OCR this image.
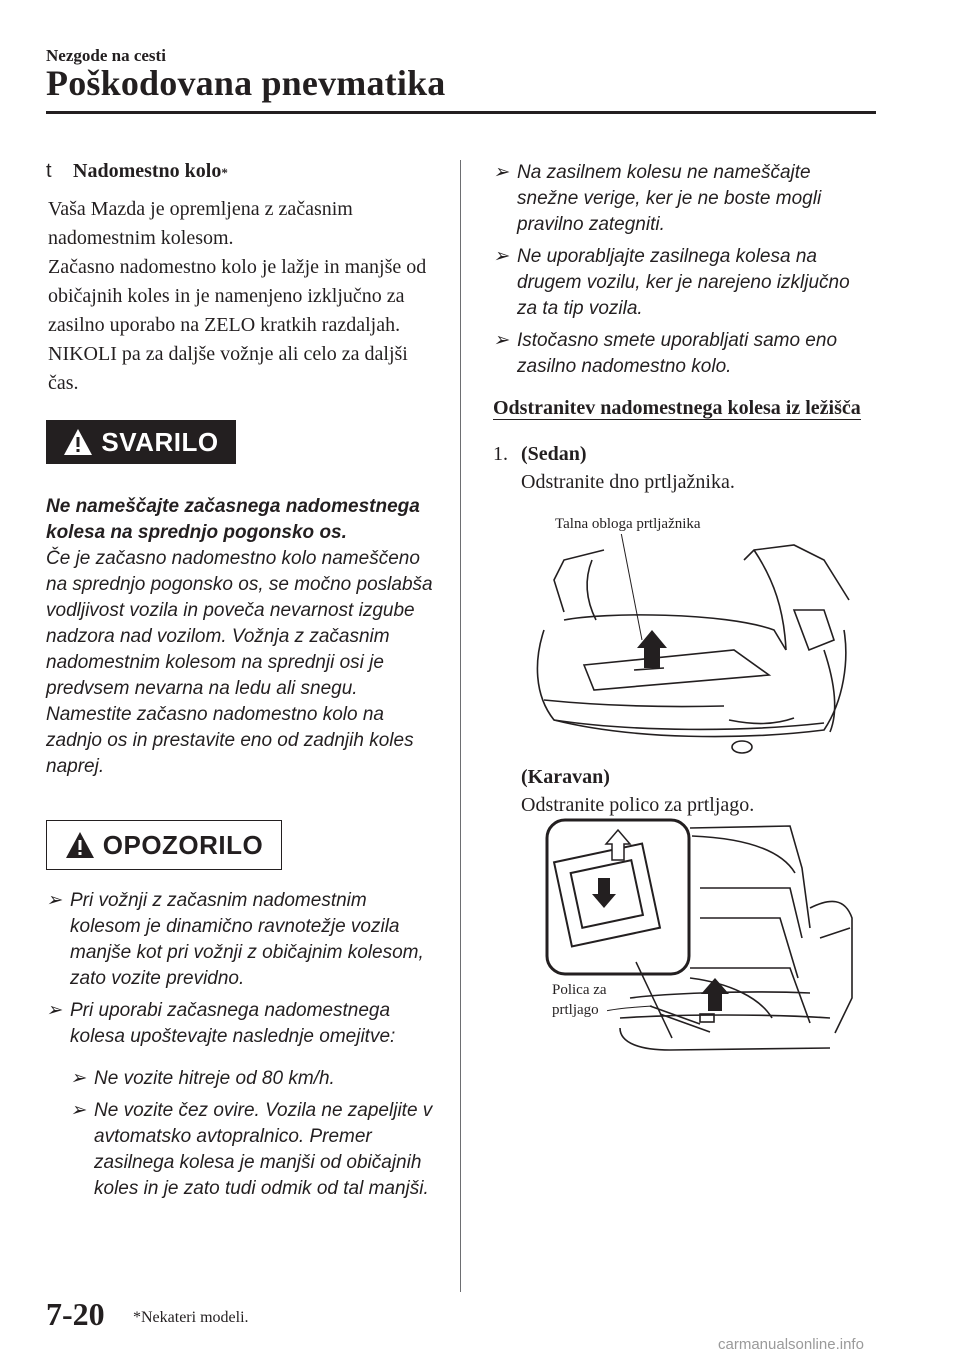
Nezgode na cesti
Poškodovana pnevmatika
t	Nadomestno kolo *

Vaša Mazda je opremljena z začasnim nadomestnim kolesom.

Začasno nadomestno kolo je lažje in manjše od običajnih koles in je namenjeno izključno za zasilno uporabo na ZELO kratkih razdaljah. NIKOLI pa za daljše vožnje ali celo za daljši čas.

SVARILO
Ne nameščajte začasnega nadomestnega kolesa na sprednjo pogonsko os.
Če je začasno nadomestno kolo nameščeno na sprednjo pogonsko os, se močno poslabša vodljivost vozila in poveča nevarnost izgube nadzora nad vozilom. Vožnja z začasnim nadomestnim kolesom na sprednji osi je predvsem nevarna na ledu ali snegu. Namestite začasno nadomestno kolo na zadnjo os in prestavite eno od zadnjih koles naprej.
OPOZORILO
➢ Pri vožnji z začasnim nadomestnim kolesom je dinamično ravnotežje vozila manjše kot pri vožnji z običajnim kolesom, zato vozite previdno.
➢ Pri uporabi začasnega nadomestnega kolesa upoštevajte naslednje omejitve:
➢ Ne vozite hitreje od 80 km/h.
➢ Ne vozite čez ovire. Vozila ne zapeljite v avtomatsko avtopralnico. Premer zasilnega kolesa je manjši od običajnih koles in je zato tudi odmik od tal manjši.
➢ Na zasilnem kolesu ne nameščajte snežne verige, ker je ne boste mogli pravilno zategniti.
➢ Ne uporabljajte zasilnega kolesa na drugem vozilu, ker je narejeno izključno za ta tip vozila.
➢ Istočasno smete uporabljati samo eno zasilno nadomestno kolo.
Odstranitev nadomestnega kolesa iz ležišča
1. (Sedan)
Odstranite dno prtljažnika.
Talna obloga prtljažnika
(Karavan)
Odstranite polico za prtljago.
Polica za
prtljago
7-20 *Nekateri modeli.
carmanualsonline.info
